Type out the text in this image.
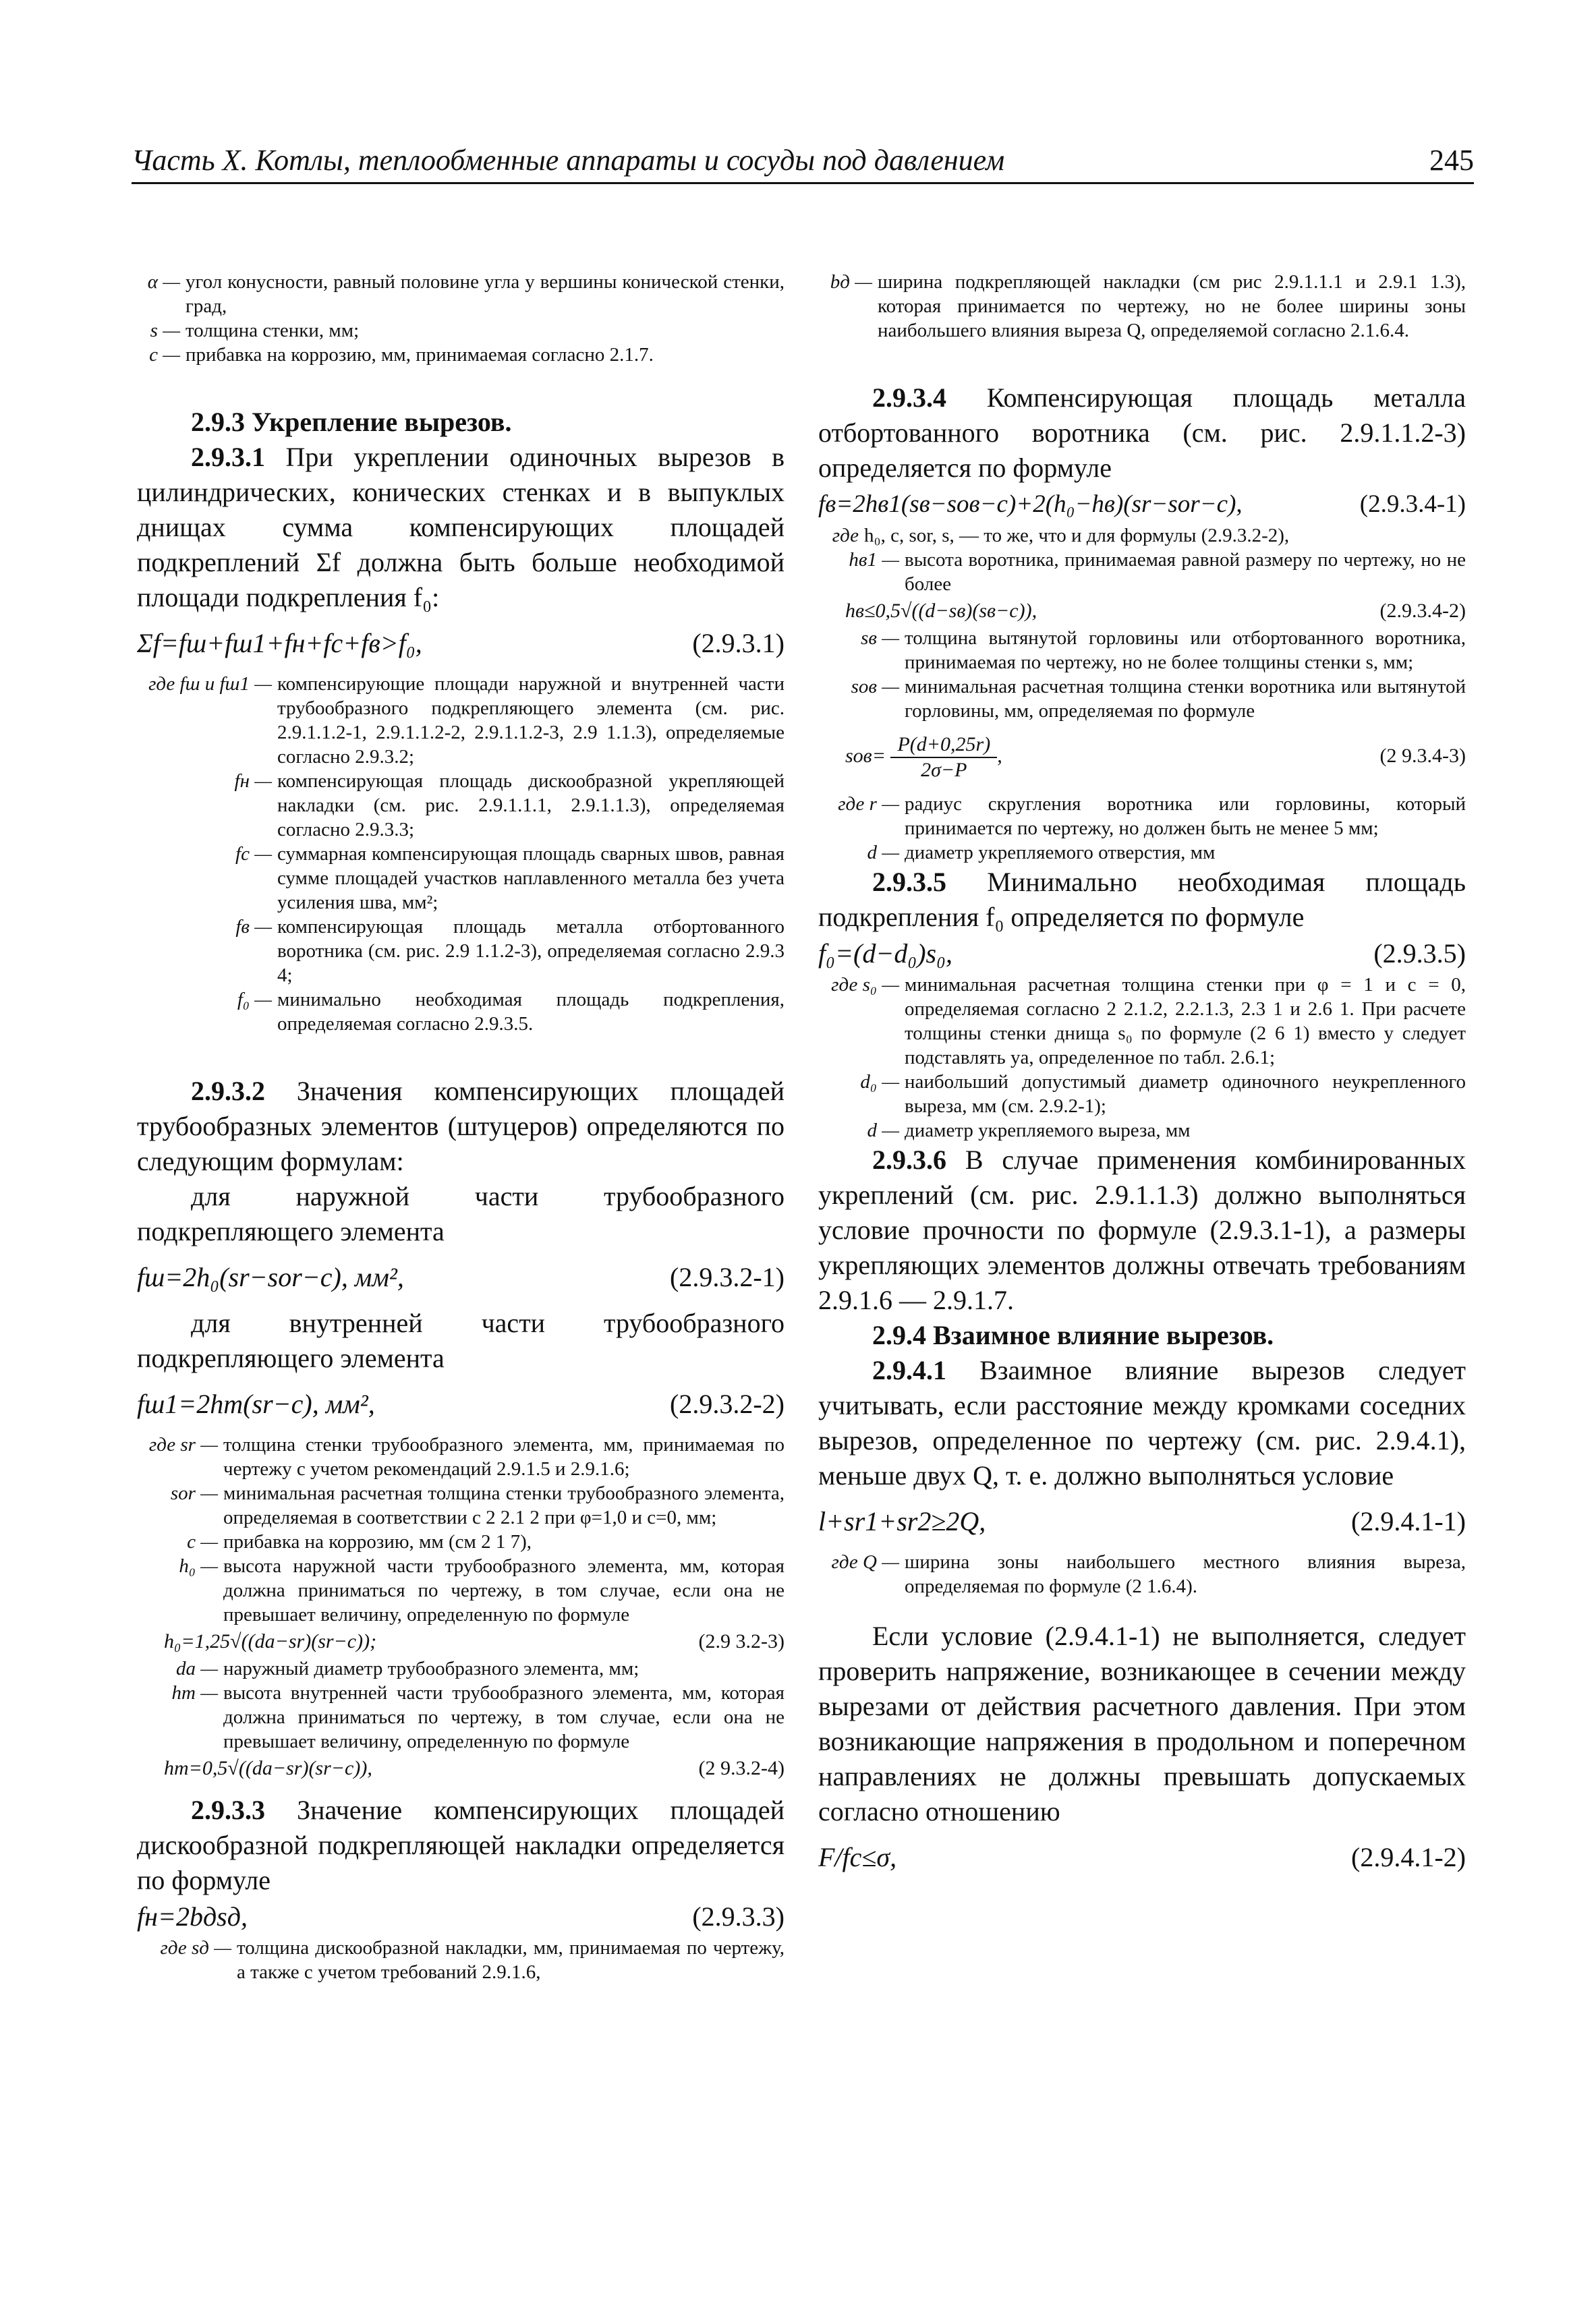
Часть X. Котлы, теплообменные аппараты и сосуды под давлением	245
α — угол конусности, равный половине угла у вершины конической стенки, град,
s — толщина стенки, мм;
c — прибавка на коррозию, мм, принимаемая согласно 2.1.7.

2.9.3 Укрепление вырезов.

2.9.3.1 При укреплении одиночных вырезов в цилиндрических, конических стенках и в выпуклых днищах сумма компенсирующих площадей подкреплений Σf должна быть больше необходимой площади подкрепления f₀:

Σf=fш+fш1+fн+fс+fв>f₀,	(2.9.3.1)
где fш и fш1 — компенсирующие площади наружной и внутренней части трубообразного подкрепляющего элемента (см. рис. 2.9.1.1.2-1, 2.9.1.1.2-2, 2.9.1.1.2-3, 2.9 1.1.3), определяемые согласно 2.9.3.2;
fн — компенсирующая площадь дискообразной укрепляющей накладки (см. рис. 2.9.1.1.1, 2.9.1.1.3), определяемая согласно 2.9.3.3;
fс — суммарная компенсирующая площадь сварных швов, равная сумме площадей участков наплавленного металла без учета усиления шва, мм²;
fв — компенсирующая площадь металла отбортованного воротника (см. рис. 2.9 1.1.2-3), определяемая согласно 2.9.3 4;
f₀ — минимально необходимая площадь подкрепления, определяемая согласно 2.9.3.5.

2.9.3.2 Значения компенсирующих площадей трубообразных элементов (штуцеров) определяются по следующим формулам:

для наружной части трубообразного подкрепляющего элемента

fш=2h₀(sr−sor−c), мм²,	(2.9.3.2-1)

для внутренней части трубообразного подкрепляющего элемента

fш1=2hm(sr−c), мм²,	(2.9.3.2-2)
где sr — толщина стенки трубообразного элемента, мм, принимаемая по чертежу с учетом рекомендаций 2.9.1.5 и 2.9.1.6;
sor — минимальная расчетная толщина стенки трубообразного элемента, определяемая в соответствии с 2 2.1 2 при φ=1,0 и c=0, мм;
c — прибавка на коррозию, мм (см 2 1 7),
h₀ — высота наружной части трубообразного элемента, мм, которая должна приниматься по чертежу, в том случае, если она не превышает величину, определенную по формуле
h₀=1,25√((da−sr)(sr−c));	(2.9 3.2-3)
da — наружный диаметр трубообразного элемента, мм;
hm — высота внутренней части трубообразного элемента, мм, которая должна приниматься по чертежу, в том случае, если она не превышает величину, определенную по формуле
hm=0,5√((da−sr)(sr−c)),	(2 9.3.2-4)

2.9.3.3 Значение компенсирующих площадей дискообразной подкрепляющей накладки определяется по формуле

fн=2bдsд,	(2.9.3.3)
где sд — толщина дискообразной накладки, мм, принимаемая по чертежу, а также с учетом требований 2.9.1.6,
bд — ширина подкрепляющей накладки (см рис 2.9.1.1.1 и 2.9.1 1.3), которая принимается по чертежу, но не более ширины зоны наибольшего влияния выреза Q, определяемой согласно 2.1.6.4.

2.9.3.4 Компенсирующая площадь металла отбортованного воротника (см. рис. 2.9.1.1.2-3) определяется по формуле

fв=2hв1(sв−sов−c)+2(h₀−hв)(sr−sor−c),	(2.9.3.4-1)
где h₀, c, sor, s, — то же, что и для формулы (2.9.3.2-2),
hв1 — высота воротника, принимаемая равной размеру по чертежу, но не более
hв≤0,5√((d−sв)(sв−c)),	(2.9.3.4-2)
sв — толщина вытянутой горловины или отбортованного воротника, принимаемая по чертежу, но не более толщины стенки s, мм;
sов — минимальная расчетная толщина стенки воротника или вытянутой горловины, мм, определяемая по формуле
$sов= \frac{P(d+0,25r)}{2\sigma-P}$ ,	(2 9.3.4-3)
где r — радиус скругления воротника или горловины, который принимается по чертежу, но должен быть не менее 5 мм;
d — диаметр укрепляемого отверстия, мм

2.9.3.5 Минимально необходимая площадь подкрепления f₀ определяется по формуле

f₀=(d−d₀)s₀,	(2.9.3.5)
где s₀ — минимальная расчетная толщина стенки при φ = 1 и c = 0, определяемая согласно 2 2.1.2, 2.2.1.3, 2.3 1 и 2.6 1. При расчете толщины стенки днища s₀ по формуле (2 6 1) вместо y следует подставлять ya, определенное по табл. 2.6.1;
d₀ — наибольший допустимый диаметр одиночного неукрепленного выреза, мм (см. 2.9.2-1);
d — диаметр укрепляемого выреза, мм

2.9.3.6 В случае применения комбинированных укреплений (см. рис. 2.9.1.1.3) должно выполняться условие прочности по формуле (2.9.3.1-1), а размеры укрепляющих элементов должны отвечать требованиям 2.9.1.6 — 2.9.1.7.

2.9.4 Взаимное влияние вырезов.

2.9.4.1 Взаимное влияние вырезов следует учитывать, если расстояние между кромками соседних вырезов, определенное по чертежу (см. рис. 2.9.4.1), меньше двух Q, т. е. должно выполняться условие

l+sr1+sr2≥2Q,	(2.9.4.1-1)
где Q — ширина зоны наибольшего местного влияния выреза, определяемая по формуле (2 1.6.4).

Если условие (2.9.4.1-1) не выполняется, следует проверить напряжение, возникающее в сечении между вырезами от действия расчетного давления. При этом возникающие напряжения в продольном и поперечном направлениях не должны превышать допускаемых согласно отношению

F/fc≤σ,	(2.9.4.1-2)
